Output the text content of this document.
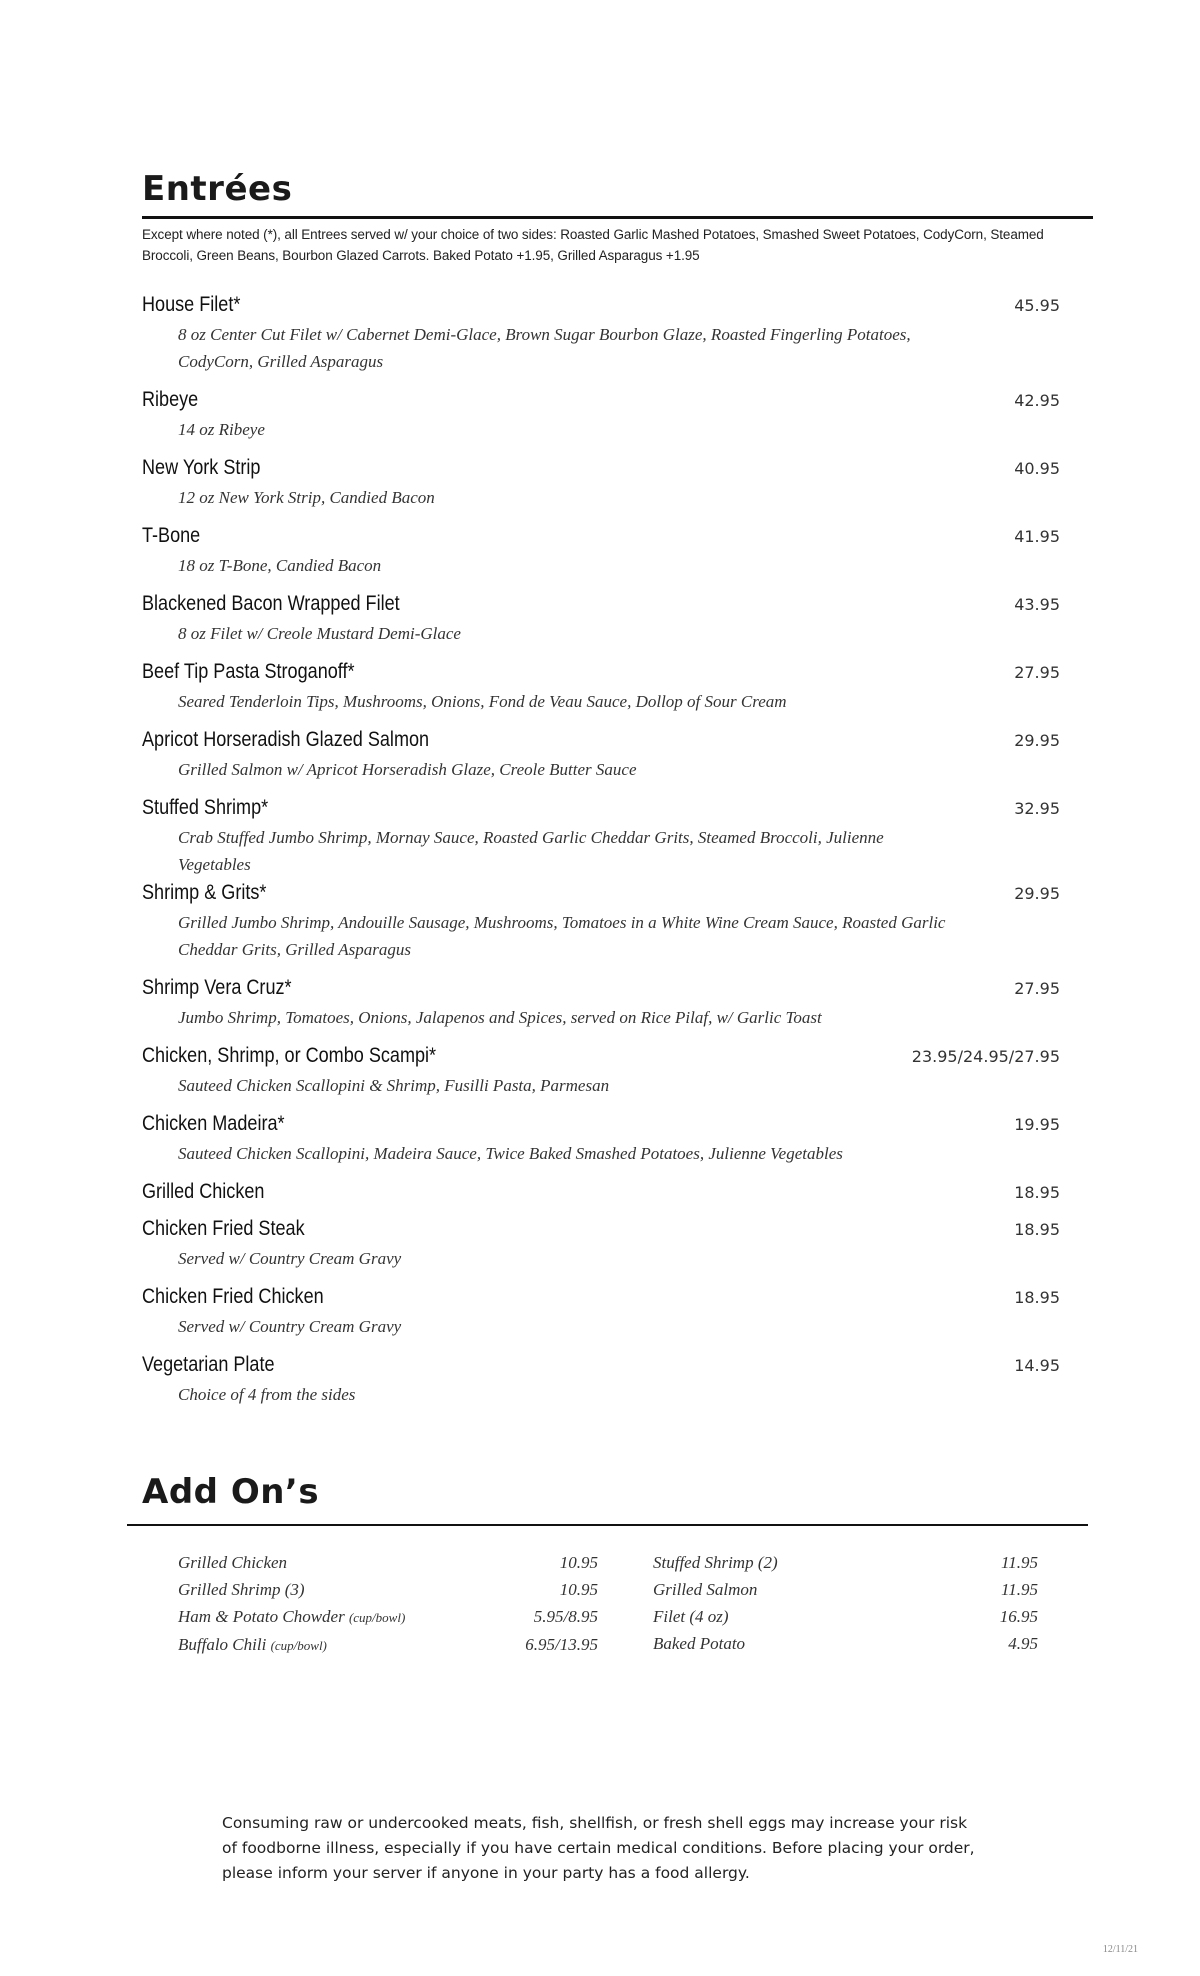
Entrées
Except where noted (*), all Entrees served w/ your choice of two sides: Roasted Garlic Mashed Potatoes, Smashed Sweet Potatoes, CodyCorn, Steamed Broccoli, Green Beans, Bourbon Glazed Carrots. Baked Potato +1.95, Grilled Asparagus +1.95
House Filet*	45.95
8 oz Center Cut Filet w/ Cabernet Demi-Glace, Brown Sugar Bourbon Glaze, Roasted Fingerling Potatoes, CodyCorn, Grilled Asparagus
Ribeye	42.95
14 oz Ribeye
New York Strip	40.95
12 oz New York Strip, Candied Bacon
T-Bone	41.95
18 oz T-Bone, Candied Bacon
Blackened Bacon Wrapped Filet	43.95
8 oz Filet w/ Creole Mustard Demi-Glace
Beef Tip Pasta Stroganoff*	27.95
Seared Tenderloin Tips, Mushrooms, Onions, Fond de Veau Sauce, Dollop of Sour Cream
Apricot Horseradish Glazed Salmon	29.95
Grilled Salmon w/ Apricot Horseradish Glaze, Creole Butter Sauce
Stuffed Shrimp*	32.95
Crab Stuffed Jumbo Shrimp, Mornay Sauce, Roasted Garlic Cheddar Grits, Steamed Broccoli, Julienne Vegetables
Shrimp & Grits*	29.95
Grilled Jumbo Shrimp, Andouille Sausage, Mushrooms, Tomatoes in a White Wine Cream Sauce, Roasted Garlic Cheddar Grits, Grilled Asparagus
Shrimp Vera Cruz*	27.95
Jumbo Shrimp, Tomatoes, Onions, Jalapenos and Spices, served on Rice Pilaf, w/ Garlic Toast
Chicken, Shrimp, or Combo Scampi*	23.95/24.95/27.95
Sauteed Chicken Scallopini & Shrimp, Fusilli Pasta, Parmesan
Chicken Madeira*	19.95
Sauteed Chicken Scallopini, Madeira Sauce, Twice Baked Smashed Potatoes, Julienne Vegetables
Grilled Chicken	18.95
Chicken Fried Steak	18.95
Served w/ Country Cream Gravy
Chicken Fried Chicken	18.95
Served w/ Country Cream Gravy
Vegetarian Plate	14.95
Choice of 4 from the sides
Add On’s
Grilled Chicken	10.95
Grilled Shrimp (3)	10.95
Ham & Potato Chowder (cup/bowl)	5.95/8.95
Buffalo Chili (cup/bowl)	6.95/13.95
Stuffed Shrimp (2)	11.95
Grilled Salmon	11.95
Filet (4 oz)	16.95
Baked Potato	4.95
Consuming raw or undercooked meats, fish, shellfish, or fresh shell eggs may increase your risk of foodborne illness, especially if you have certain medical conditions. Before placing your order, please inform your server if anyone in your party has a food allergy.
12/11/21
